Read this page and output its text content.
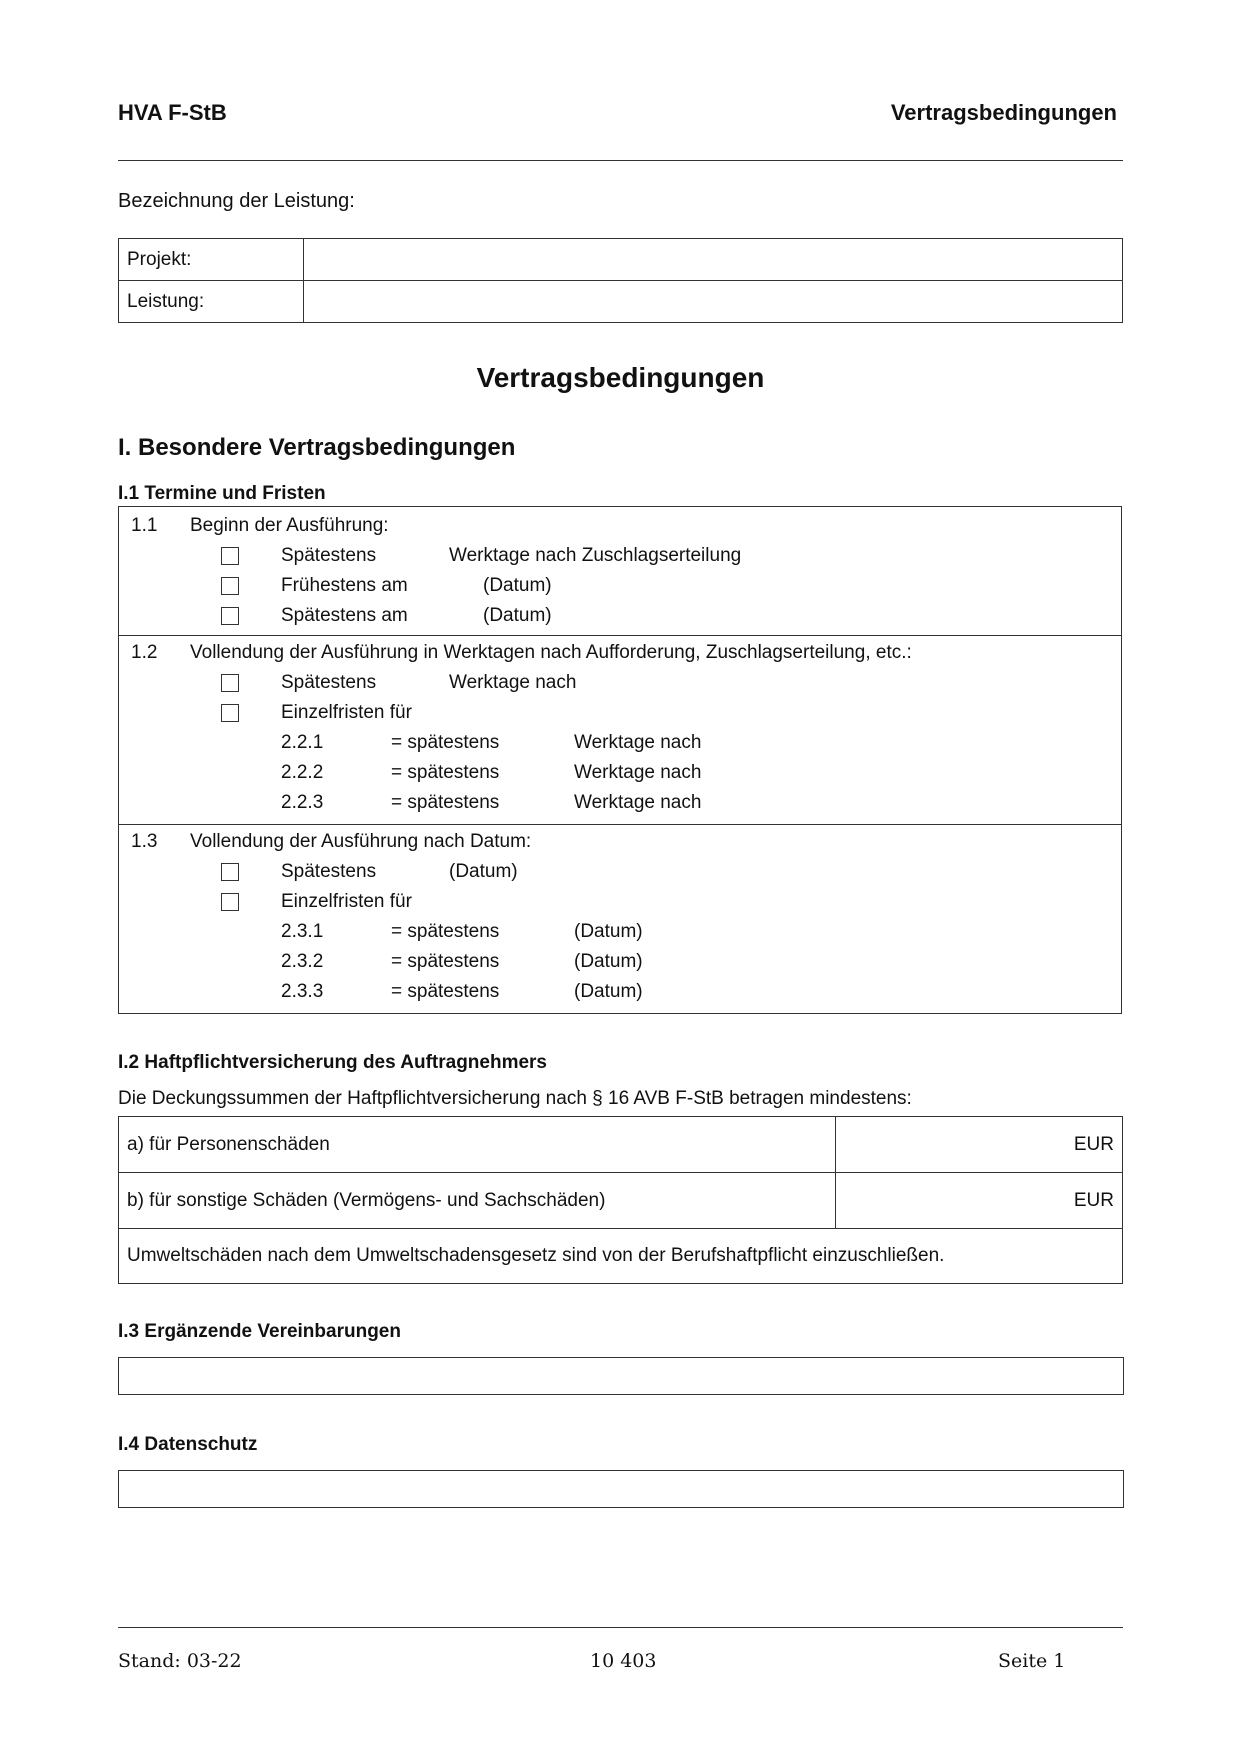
HVA F-StB	Vertragsbedingungen
Bezeichnung der Leistung:
Projekt:	
Leistung:	
Vertragsbedingungen
I. Besondere Vertragsbedingungen
I.1 Termine und Fristen
1.1 Beginn der Ausführung:
Spätestens	Werktage nach Zuschlagserteilung
Frühestens am	(Datum)
Spätestens am	(Datum)
1.2 Vollendung der Ausführung in Werktagen nach Aufforderung, Zuschlagserteilung, etc.:
Spätestens	Werktage nach
Einzelfristen für
2.2.1	= spätestens	Werktage nach
2.2.2	= spätestens	Werktage nach
2.2.3	= spätestens	Werktage nach
1.3 Vollendung der Ausführung nach Datum:
Spätestens	(Datum)
Einzelfristen für
2.3.1	= spätestens	(Datum)
2.3.2	= spätestens	(Datum)
2.3.3	= spätestens	(Datum)
I.2 Haftpflichtversicherung des Auftragnehmers
Die Deckungssummen der Haftpflichtversicherung nach § 16 AVB F-StB betragen mindestens:
a) für Personenschäden	EUR
b) für sonstige Schäden (Vermögens- und Sachschäden)	EUR
Umweltschäden nach dem Umweltschadensgesetz sind von der Berufshaftpflicht einzuschließen.	
I.3 Ergänzende Vereinbarungen
I.4 Datenschutz
Stand: 03-22	10 403	Seite 1
